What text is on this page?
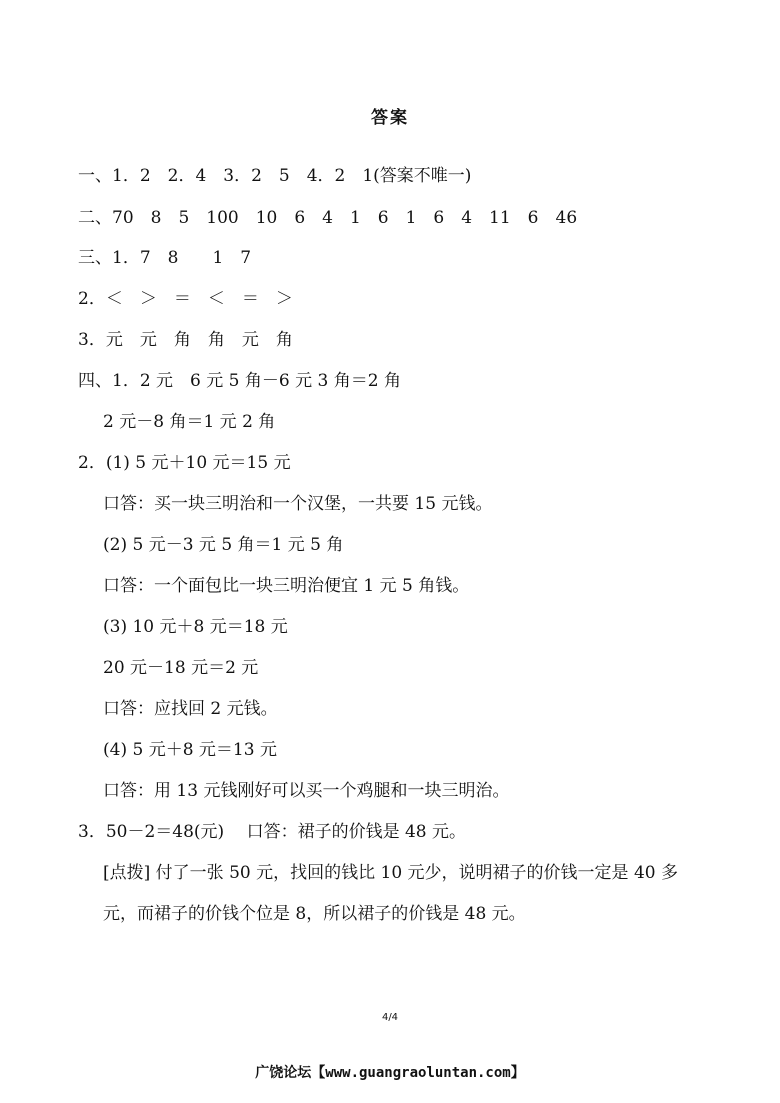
答案
一、1．2　2．4　3．2　5　4．2　1(答案不唯一)
二、70　8　5　100　10　6　4　1　6　1　6　4　11　6　46
三、1．7　8　　1　7
2．＜　＞　＝　＜　＝　＞
3．元　元　角　角　元　角
四、1．2 元　6 元 5 角－6 元 3 角＝2 角
2 元－8 角＝1 元 2 角
2．(1) 5 元＋10 元＝15 元
口答：买一块三明治和一个汉堡，一共要 15 元钱。
(2) 5 元－3 元 5 角＝1 元 5 角
口答：一个面包比一块三明治便宜 1 元 5 角钱。
(3) 10 元＋8 元＝18 元
20 元－18 元＝2 元
口答：应找回 2 元钱。
(4) 5 元＋8 元＝13 元
口答：用 13 元钱刚好可以买一个鸡腿和一块三明治。
3．50－2＝48(元)　 口答：裙子的价钱是 48 元。
[点拨] 付了一张 50 元，找回的钱比 10 元少，说明裙子的价钱一定是 40 多
元，而裙子的价钱个位是 8，所以裙子的价钱是 48 元。
4/4
广饶论坛【www.guangraoluntan.com】
